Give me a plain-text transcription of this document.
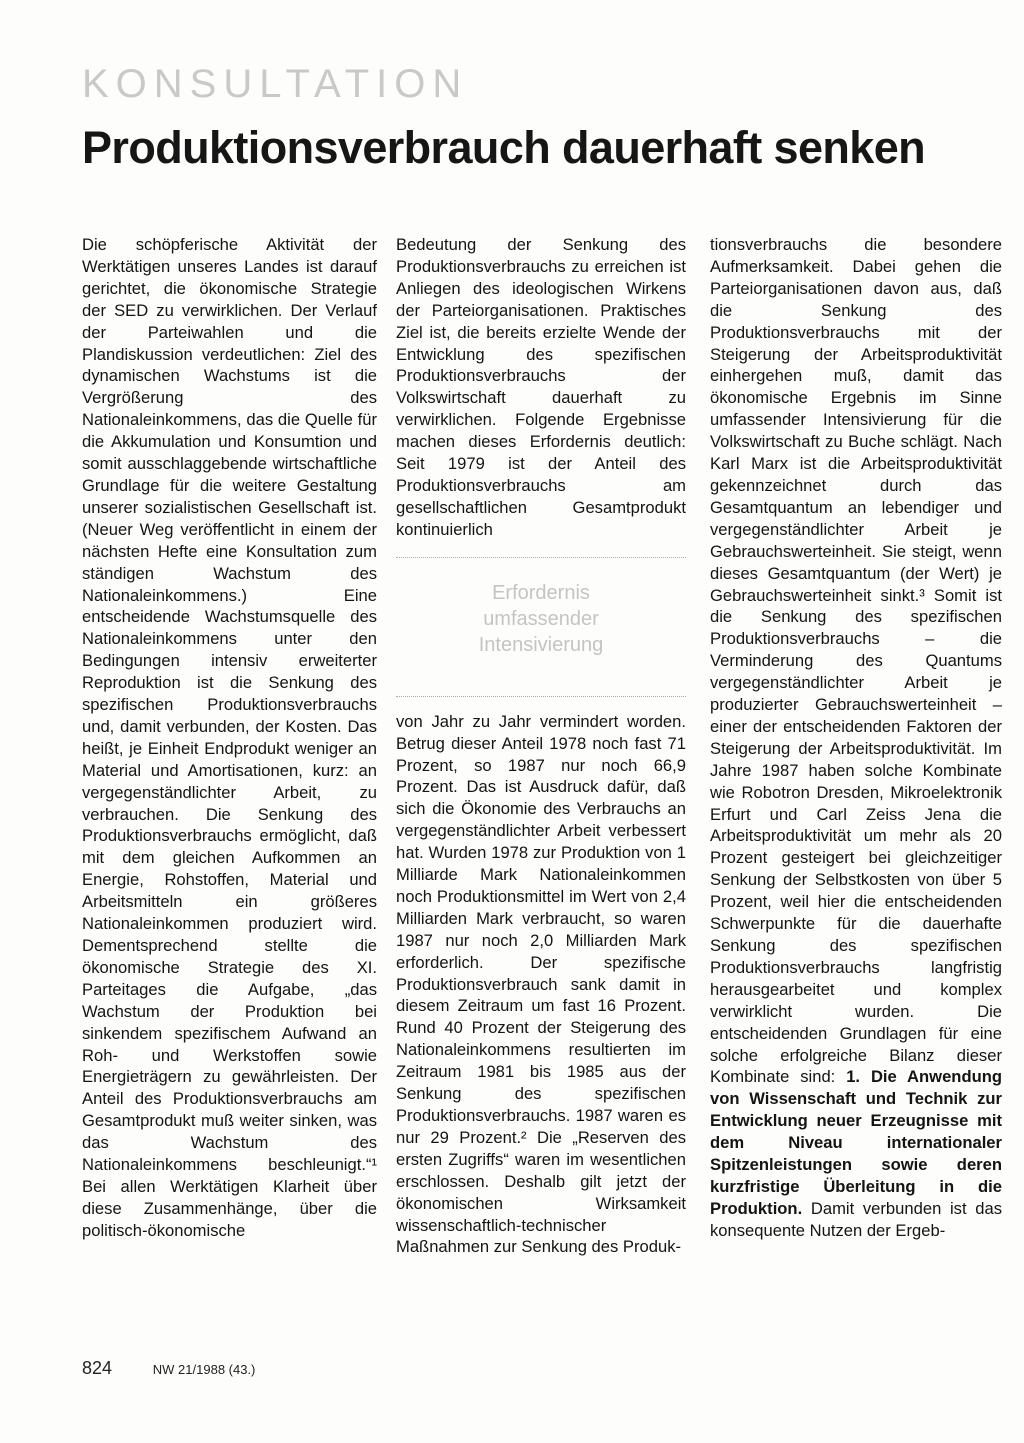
KONSULTATION
Produktionsverbrauch dauerhaft senken

Die schöpferische Aktivität der Werktätigen unseres Landes ist darauf gerichtet, die ökonomische Strategie der SED zu verwirklichen. Der Verlauf der Parteiwahlen und die Plandiskussion verdeutlichen: Ziel des dynamischen Wachstums ist die Vergrößerung des Nationaleinkommens, das die Quelle für die Akkumulation und Konsumtion und somit ausschlaggebende wirtschaftliche Grundlage für die weitere Gestaltung unserer sozialistischen Gesellschaft ist. (Neuer Weg veröffentlicht in einem der nächsten Hefte eine Konsultation zum ständigen Wachstum des Nationaleinkommens.) Eine entscheidende Wachstumsquelle des Nationaleinkommens unter den Bedingungen intensiv erweiterter Reproduktion ist die Senkung des spezifischen Produktionsverbrauchs und, damit verbunden, der Kosten. Das heißt, je Einheit Endprodukt weniger an Material und Amortisationen, kurz: an vergegenständlichter Arbeit, zu verbrauchen. Die Senkung des Produktionsverbrauchs ermöglicht, daß mit dem gleichen Aufkommen an Energie, Rohstoffen, Material und Arbeitsmitteln ein größeres Nationaleinkommen produziert wird. Dementsprechend stellte die ökonomische Strategie des XI. Parteitages die Aufgabe, „das Wachstum der Produktion bei sinkendem spezifischem Aufwand an Roh- und Werkstoffen sowie Energieträgern zu gewährleisten. Der Anteil des Produktionsverbrauchs am Gesamtprodukt muß weiter sinken, was das Wachstum des Nationaleinkommens beschleunigt.“¹ Bei allen Werktätigen Klarheit über diese Zusammenhänge, über die politisch-ökonomische

Bedeutung der Senkung des Produktionsverbrauchs zu erreichen ist Anliegen des ideologischen Wirkens der Parteiorganisationen. Praktisches Ziel ist, die bereits erzielte Wende der Entwicklung des spezifischen Produktionsverbrauchs der Volkswirtschaft dauerhaft zu verwirklichen. Folgende Ergebnisse machen dieses Erfordernis deutlich: Seit 1979 ist der Anteil des Produktionsverbrauchs am gesellschaftlichen Gesamtprodukt kontinuierlich

Erfordernis
umfassender
Intensivierung

von Jahr zu Jahr vermindert worden. Betrug dieser Anteil 1978 noch fast 71 Prozent, so 1987 nur noch 66,9 Prozent. Das ist Ausdruck dafür, daß sich die Ökonomie des Verbrauchs an vergegenständlichter Arbeit verbessert hat. Wurden 1978 zur Produktion von 1 Milliarde Mark Nationaleinkommen noch Produktionsmittel im Wert von 2,4 Milliarden Mark verbraucht, so waren 1987 nur noch 2,0 Milliarden Mark erforderlich. Der spezifische Produktionsverbrauch sank damit in diesem Zeitraum um fast 16 Prozent. Rund 40 Prozent der Steigerung des Nationaleinkommens resultierten im Zeitraum 1981 bis 1985 aus der Senkung des spezifischen Produktionsverbrauchs. 1987 waren es nur 29 Prozent.² Die „Reserven des ersten Zugriffs“ waren im wesentlichen erschlossen. Deshalb gilt jetzt der ökonomischen Wirksamkeit wissenschaftlich-technischer Maßnahmen zur Senkung des Produk-

tionsverbrauchs die besondere Aufmerksamkeit. Dabei gehen die Parteiorganisationen davon aus, daß die Senkung des Produktionsverbrauchs mit der Steigerung der Arbeitsproduktivität einhergehen muß, damit das ökonomische Ergebnis im Sinne umfassender Intensivierung für die Volkswirtschaft zu Buche schlägt. Nach Karl Marx ist die Arbeitsproduktivität gekennzeichnet durch das Gesamtquantum an lebendiger und vergegenständlichter Arbeit je Gebrauchswerteinheit. Sie steigt, wenn dieses Gesamtquantum (der Wert) je Gebrauchswerteinheit sinkt.³ Somit ist die Senkung des spezifischen Produktionsverbrauchs – die Verminderung des Quantums vergegenständlichter Arbeit je produzierter Gebrauchswerteinheit – einer der entscheidenden Faktoren der Steigerung der Arbeitsproduktivität. Im Jahre 1987 haben solche Kombinate wie Robotron Dresden, Mikroelektronik Erfurt und Carl Zeiss Jena die Arbeitsproduktivität um mehr als 20 Prozent gesteigert bei gleichzeitiger Senkung der Selbstkosten von über 5 Prozent, weil hier die entscheidenden Schwerpunkte für die dauerhafte Senkung des spezifischen Produktionsverbrauchs langfristig herausgearbeitet und komplex verwirklicht wurden. Die entscheidenden Grundlagen für eine solche erfolgreiche Bilanz dieser Kombinate sind: 1. Die Anwendung von Wissenschaft und Technik zur Entwicklung neuer Erzeugnisse mit dem Niveau internationaler Spitzenleistungen sowie deren kurzfristige Überleitung in die Produktion. Damit verbunden ist das konsequente Nutzen der Ergeb-

824	NW 21/1988 (43.)
